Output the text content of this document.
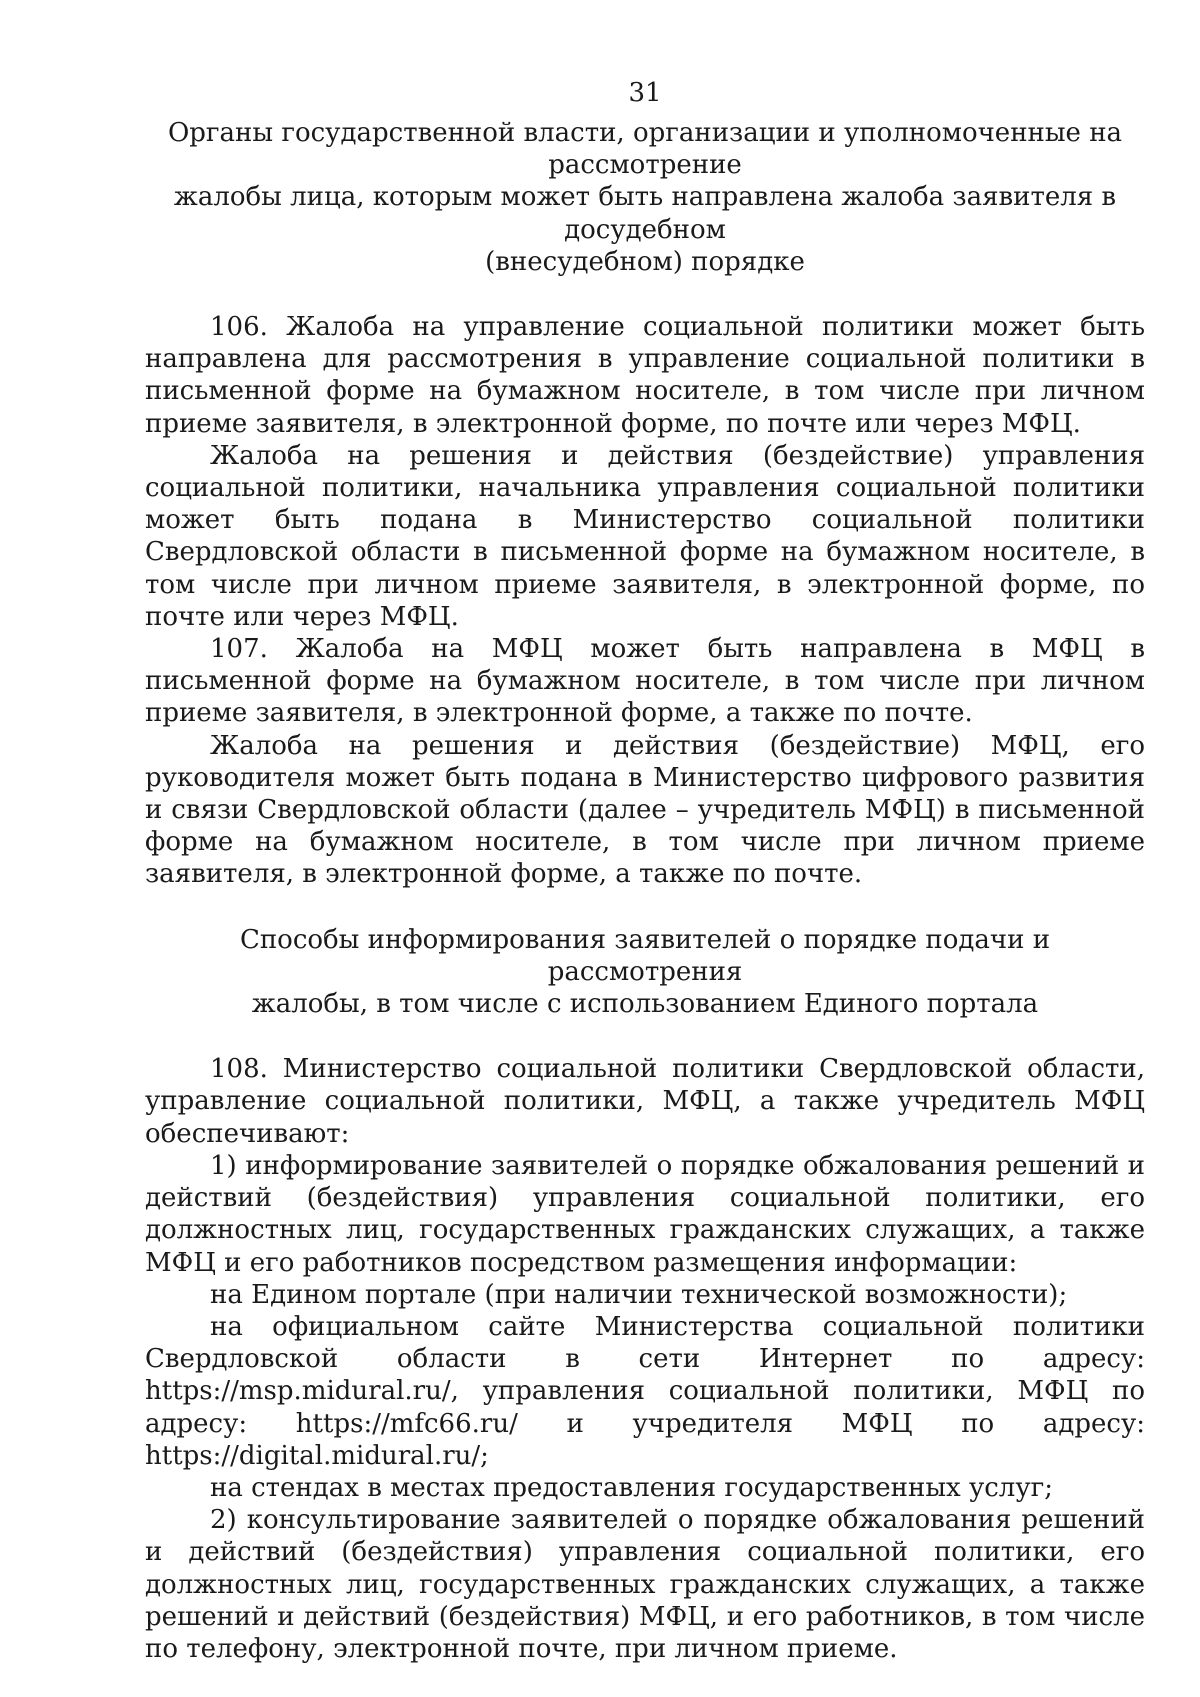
31
Органы государственной власти, организации и уполномоченные на рассмотрение
жалобы лица, которым может быть направлена жалоба заявителя в досудебном
(внесудебном) порядке

106. Жалоба на управление социальной политики может быть направлена для рассмотрения в управление социальной политики в письменной форме на бумажном носителе, в том числе при личном приеме заявителя, в электронной форме, по почте или через МФЦ.

Жалоба на решения и действия (бездействие) управления социальной политики, начальника управления социальной политики может быть подана в Министерство социальной политики Свердловской области в письменной форме на бумажном носителе, в том числе при личном приеме заявителя, в электронной форме, по почте или через МФЦ.

107. Жалоба на МФЦ может быть направлена в МФЦ в письменной форме на бумажном носителе, в том числе при личном приеме заявителя, в электронной форме, а также по почте.

Жалоба на решения и действия (бездействие) МФЦ, его руководителя может быть подана в Министерство цифрового развития и связи Свердловской области (далее – учредитель МФЦ) в письменной форме на бумажном носителе, в том числе при личном приеме заявителя, в электронной форме, а также по почте.

Способы информирования заявителей о порядке подачи и рассмотрения
жалобы, в том числе с использованием Единого портала

108. Министерство социальной политики Свердловской области, управление социальной политики, МФЦ, а также учредитель МФЦ обеспечивают:

1) информирование заявителей о порядке обжалования решений и действий (бездействия) управления социальной политики, его должностных лиц, государственных гражданских служащих, а также МФЦ и его работников посредством размещения информации:

на Едином портале (при наличии технической возможности);

на официальном сайте Министерства социальной политики Свердловской области в сети Интернет по адресу: https://msp.midural.ru/, управления социальной политики, МФЦ по адресу: https://mfc66.ru/ и учредителя МФЦ по адресу: https://digital.midural.ru/;

на стендах в местах предоставления государственных услуг;

2) консультирование заявителей о порядке обжалования решений и действий (бездействия) управления социальной политики, его должностных лиц, государственных гражданских служащих, а также решений и действий (бездействия) МФЦ, и его работников, в том числе по телефону, электронной почте, при личном приеме.
